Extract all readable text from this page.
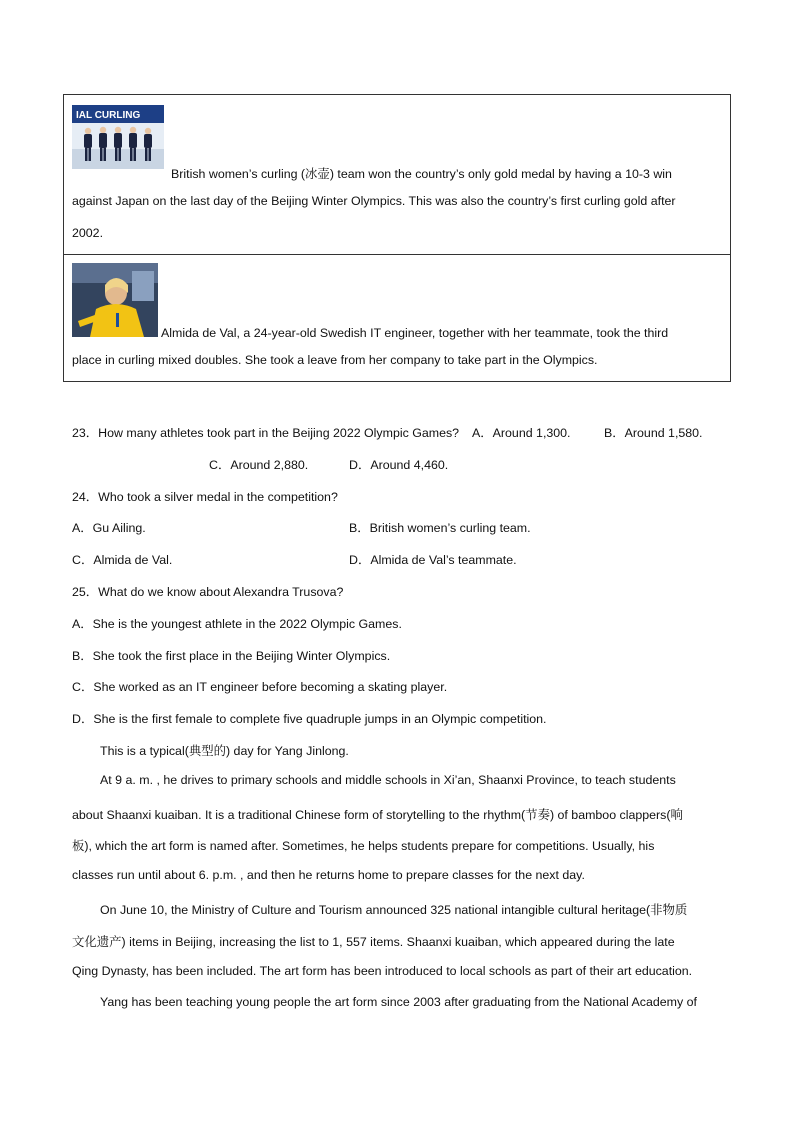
IAL CURLING
British women’s curling (冰壶) team won the country’s only gold medal by having a 10-3 win
against Japan on the last day of the Beijing Winter Olympics. This was also the country’s first curling gold after
2002.
Almida de Val, a 24-year-old Swedish IT engineer, together with her teammate, took the third
place in curling mixed doubles. She took a leave from her company to take part in the Olympics.
23．How many athletes took part in the Beijing 2022 Olympic Games? A．Around 1,300.	B．Around 1,580.
C．Around 2,880.	D．Around 4,460.
24．Who took a silver medal in the competition?
A．Gu Ailing.	B．British women’s curling team.
C．Almida de Val.	D．Almida de Val’s teammate.
25．What do we know about Alexandra Trusova?
A．She is the youngest athlete in the 2022 Olympic Games.
B．She took the first place in the Beijing Winter Olympics.
C．She worked as an IT engineer before becoming a skating player.
D．She is the first female to complete five quadruple jumps in an Olympic competition.
This is a typical(典型的) day for Yang Jinlong.
At 9 a. m. , he drives to primary schools and middle schools in Xi’an, Shaanxi Province, to teach students
about Shaanxi kuaiban. It is a traditional Chinese form of storytelling to the rhythm(节奏) of bamboo clappers(响
板), which the art form is named after. Sometimes, he helps students prepare for competitions. Usually, his
classes run until about 6. p.m. , and then he returns home to prepare classes for the next day.
On June 10, the Ministry of Culture and Tourism announced 325 national intangible cultural heritage(非物质
文化遗产) items in Beijing, increasing the list to 1, 557 items. Shaanxi kuaiban, which appeared during the late
Qing Dynasty, has been included. The art form has been introduced to local schools as part of their art education.
Yang has been teaching young people the art form since 2003 after graduating from the National Academy of
